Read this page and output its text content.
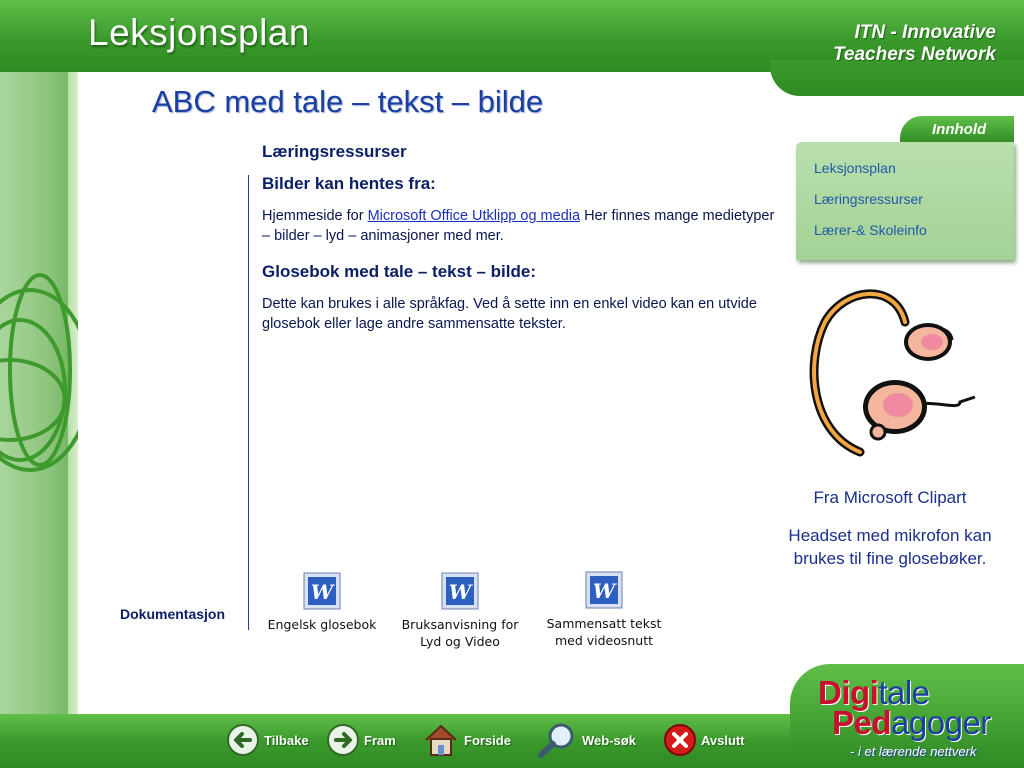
Leksjonsplan	ITN - Innovative
Teachers Network
ABC med tale – tekst – bilde
Læringsressurser
Bilder kan hentes fra:
Hjemmeside for Microsoft Office Utklipp og media Her finnes mange medietyper – bilder – lyd – animasjoner med mer.
Glosebok med tale – tekst – bilde:
Dette kan brukes i alle språkfag. Ved å sette inn en enkel video kan en utvide glosebok eller lage andre sammensatte tekster.
Innhold
Leksjonsplan
Læringsressurser
Lærer-& Skoleinfo
Fra Microsoft Clipart
Headset med mikrofon kan brukes til fine glosebøker.
Dokumentasjon
W
Engelsk glosebok
W
Bruksanvisning for
Lyd og Video
W
Sammensatt tekst
med videosnutt
Tilbake	Fram	Forside	Web-søk	Avslutt
Digitale
Pedagoger
- i et lærende nettverk
